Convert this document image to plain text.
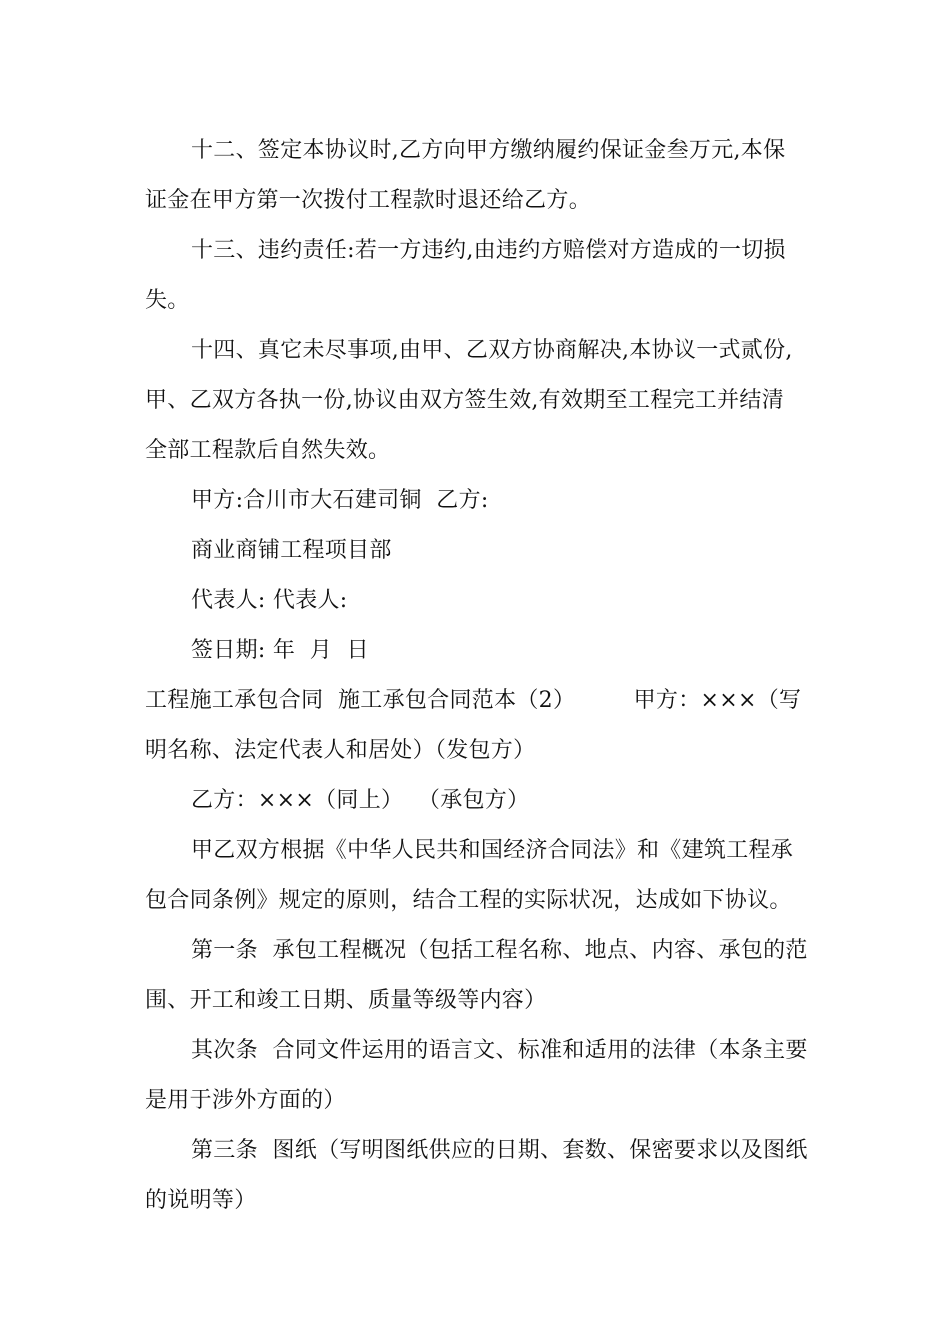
十二、签定本协议时,乙方向甲方缴纳履约保证金叁万元,本保
证金在甲方第一次拨付工程款时退还给乙方。
十三、违约责任:若一方违约,由违约方赔偿对方造成的一切损
失。
十四、真它未尽事项,由甲、乙双方协商解决,本协议一式贰份,
甲、乙双方各执一份,协议由双方签生效,有效期至工程完工并结清
全部工程款后自然失效。
甲方:合川市大石建司铜  乙方:
商业商铺工程项目部
代表人: 代表人:
签日期: 年  月  日
工程施工承包合同  施工承包合同范本（2）        甲方：×××（写
明名称、法定代表人和居处）（发包方）
乙方：×××（同上）  （承包方）
甲乙双方根据《中华人民共和国经济合同法》和《建筑工程承
包合同条例》规定的原则，结合工程的实际状况，达成如下协议。
第一条  承包工程概况（包括工程名称、地点、内容、承包的范
围、开工和竣工日期、质量等级等内容）
其次条  合同文件运用的语言文、标准和适用的法律（本条主要
是用于涉外方面的）
第三条  图纸（写明图纸供应的日期、套数、保密要求以及图纸
的说明等）
